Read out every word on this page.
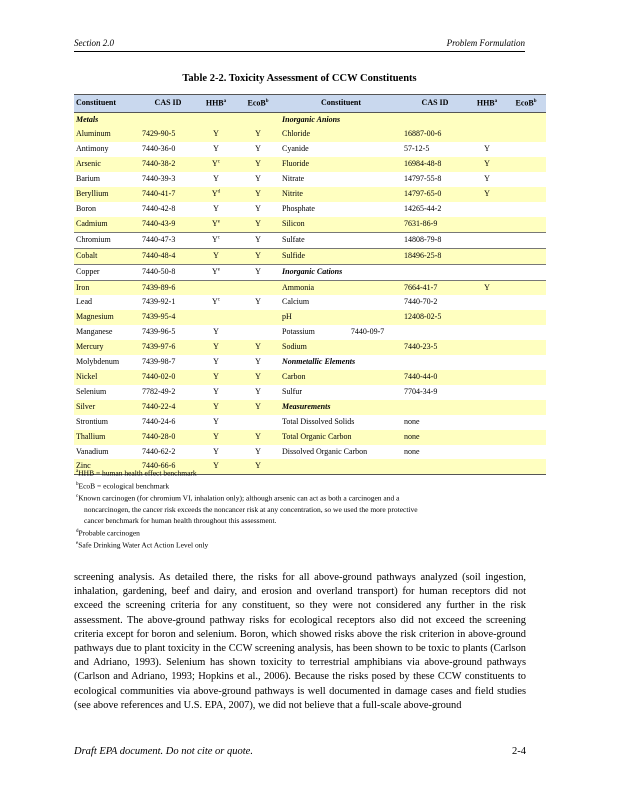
Section 2.0	Problem Formulation
Table 2-2. Toxicity Assessment of CCW Constituents
Constituent	CAS ID	HHB$^a$	EcoB$^b$	Constituent	CAS ID	HHB$^a$	EcoB$^b$
Metals				Inorganic Anions			
Aluminum	7429-90-5	Y	Y	Chloride	16887-00-6		
Antimony	7440-36-0	Y	Y	Cyanide	57-12-5	Y	
Arsenic	7440-38-2	$Y^c$	Y	Fluoride	16984-48-8	Y	
Barium	7440-39-3	Y	Y	Nitrate	14797-55-8	Y	
Beryllium	7440-41-7	$Y^d$	Y	Nitrite	14797-65-0	Y	
Boron	7440-42-8	Y	Y	Phosphate	14265-44-2		
Cadmium	7440-43-9	$Y^e$	Y	Silicon	7631-86-9		
Chromium	7440-47-3	$Y^c$	Y	Sulfate	14808-79-8		
Cobalt	7440-48-4	Y	Y	Sulfide	18496-25-8		
Copper	7440-50-8	$Y^e$	Y	Inorganic Cations			
Iron	7439-89-6			Ammonia	7664-41-7	Y	
Lead	7439-92-1	$Y^c$	Y	Calcium	7440-70-2		
Magnesium	7439-95-4			pH	12408-02-5		
Manganese	7439-96-5	Y		Potassium 7440-09-7			
Mercury	7439-97-6	Y	Y	Sodium	7440-23-5		
Molybdenum	7439-98-7	Y	Y	Nonmetallic Elements			
Nickel	7440-02-0	Y	Y	Carbon	7440-44-0		
Selenium	7782-49-2	Y	Y	Sulfur	7704-34-9		
Silver	7440-22-4	Y	Y	Measurements			
Strontium	7440-24-6	Y		Total Dissolved Solids	none		
Thallium	7440-28-0	Y	Y	Total Organic Carbon	none		
Vanadium	7440-62-2	Y	Y	Dissolved Organic Carbon	none		
Zinc	7440-66-6	Y	Y				
$^a$HHB = human health effect benchmark
$^b$EcoB = ecological benchmark
$^c$Known carcinogen (for chromium VI, inhalation only); although arsenic can act as both a carcinogen and a
noncarcinogen, the cancer risk exceeds the noncancer risk at any concentration, so we used the more protective
cancer benchmark for human health throughout this assessment.
$^d$Probable carcinogen
$^e$Safe Drinking Water Act Action Level only
screening analysis. As detailed there, the risks for all above-ground pathways analyzed (soil ingestion, inhalation, gardening, beef and dairy, and erosion and overland transport) for human receptors did not exceed the screening criteria for any constituent, so they were not considered any further in the risk assessment. The above-ground pathway risks for ecological receptors also did not exceed the screening criteria except for boron and selenium. Boron, which showed risks above the risk criterion in above-ground pathways due to plant toxicity in the CCW screening analysis, has been shown to be toxic to plants (Carlson and Adriano, 1993). Selenium has shown toxicity to terrestrial amphibians via above-ground pathways (Carlson and Adriano, 1993; Hopkins et al., 2006). Because the risks posed by these CCW constituents to ecological communities via above-ground pathways is well documented in damage cases and field studies (see above references and U.S. EPA, 2007), we did not believe that a full-scale above-ground
Draft EPA document. Do not cite or quote.	2-4
